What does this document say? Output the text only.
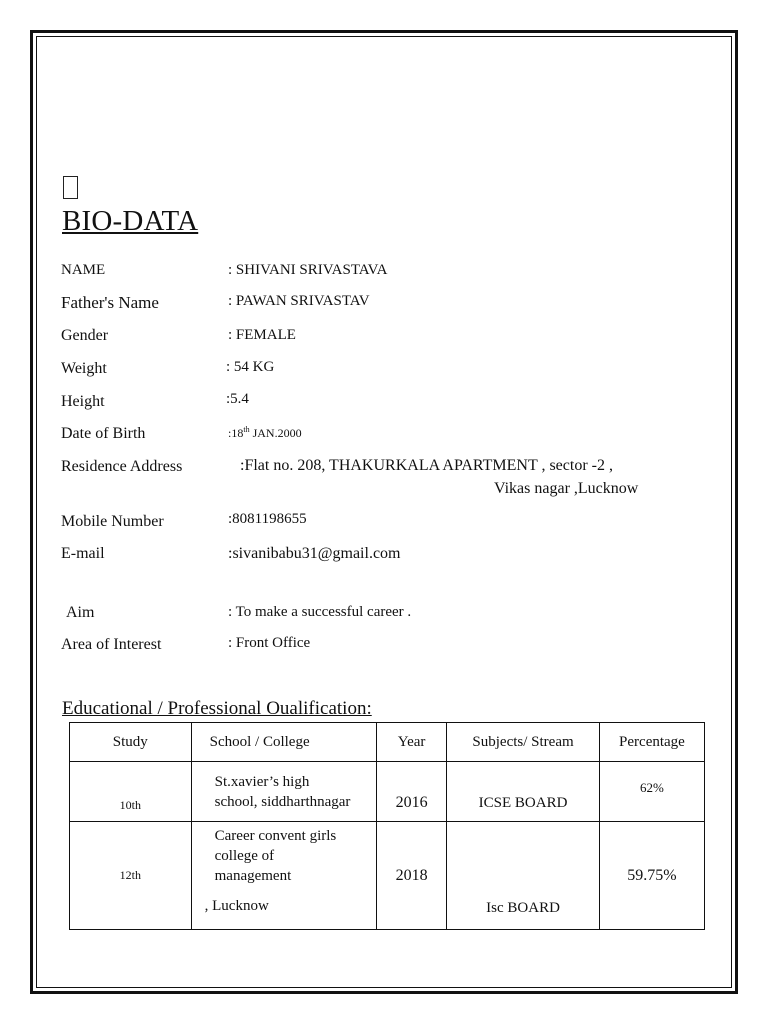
BIO-DATA
NAME	: SHIVANI SRIVASTAVA
Father's Name	: PAWAN SRIVASTAV
Gender	: FEMALE
Weight	: 54 KG
Height	:5.4
Date of Birth	:18th JAN.2000
Residence Address	:Flat no. 208, THAKURKALA APARTMENT , sector -2 ,
Vikas nagar ,Lucknow
Mobile Number	:8081198655
E-mail	:sivanibabu31@gmail.com
Aim	: To make a successful career .
Area of Interest	: Front Office
Educational / Professional Oualification:
Study	School / College	Year	Subjects/ Stream	Percentage
10th	St.xavier’s high
school, siddharthnagar	2016	ICSE BOARD	62%
12th	Career convent girls
college of
management
, Lucknow	2018	Isc BOARD	59.75%
